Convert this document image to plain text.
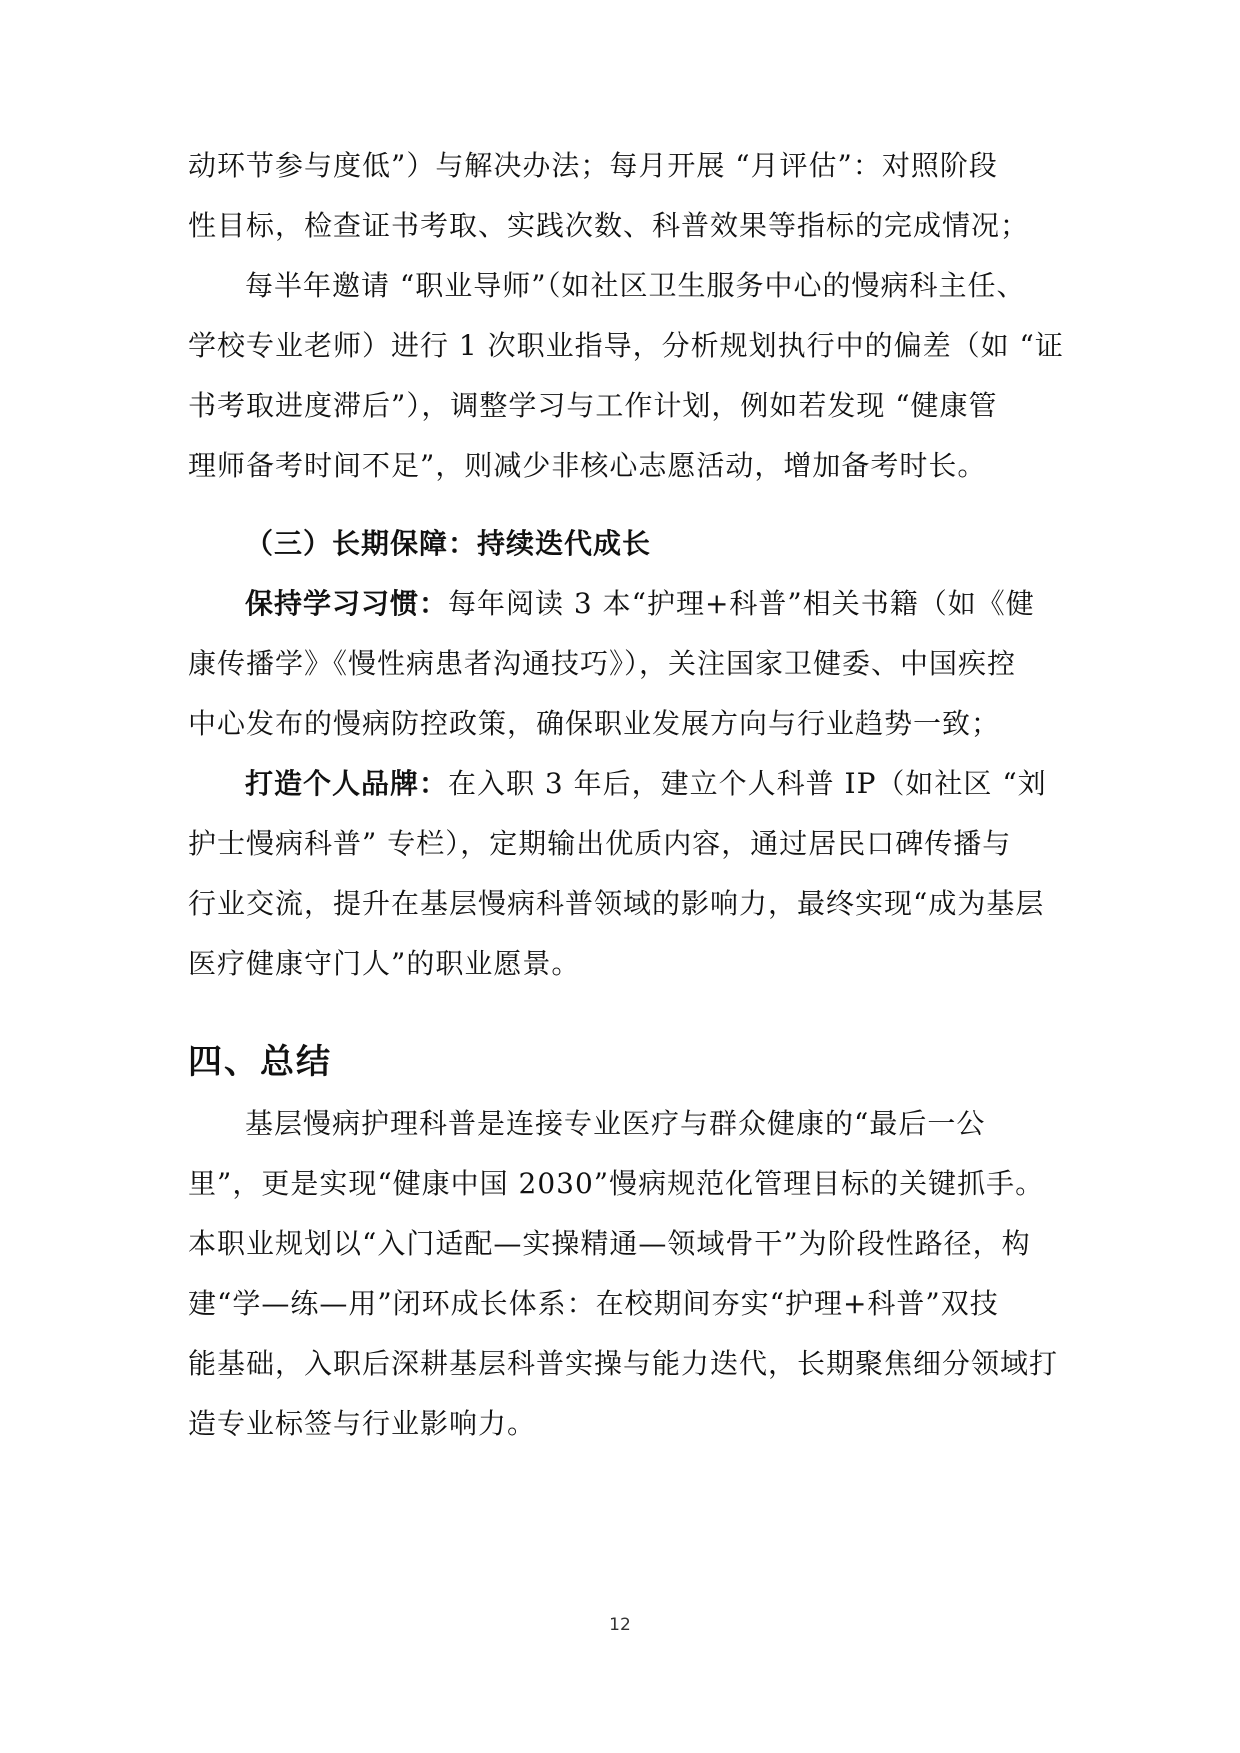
动环节参与度低”）与解决办法；每月开展 “月评估”：对照阶段
性目标，检查证书考取、实践次数、科普效果等指标的完成情况；
每半年邀请 “职业导师”（如社区卫生服务中心的慢病科主任、
学校专业老师）进行 1 次职业指导，分析规划执行中的偏差（如 “证
书考取进度滞后”），调整学习与工作计划，例如若发现 “健康管
理师备考时间不足”，则减少非核心志愿活动，增加备考时长。
（三）长期保障：持续迭代成长
保持学习习惯：每年阅读 3 本“护理+科普”相关书籍（如《健
康传播学》《慢性病患者沟通技巧》），关注国家卫健委、中国疾控
中心发布的慢病防控政策，确保职业发展方向与行业趋势一致；
打造个人品牌：在入职 3 年后，建立个人科普 IP（如社区 “刘
护士慢病科普” 专栏），定期输出优质内容，通过居民口碑传播与
行业交流，提升在基层慢病科普领域的影响力，最终实现“成为基层
医疗健康守门人”的职业愿景。
四、总结
基层慢病护理科普是连接专业医疗与群众健康的“最后一公
里”，更是实现“健康中国 2030”慢病规范化管理目标的关键抓手。
本职业规划以“入门适配—实操精通—领域骨干”为阶段性路径，构
建“学—练—用”闭环成长体系：在校期间夯实“护理+科普”双技
能基础，入职后深耕基层科普实操与能力迭代，长期聚焦细分领域打
造专业标签与行业影响力。
12
